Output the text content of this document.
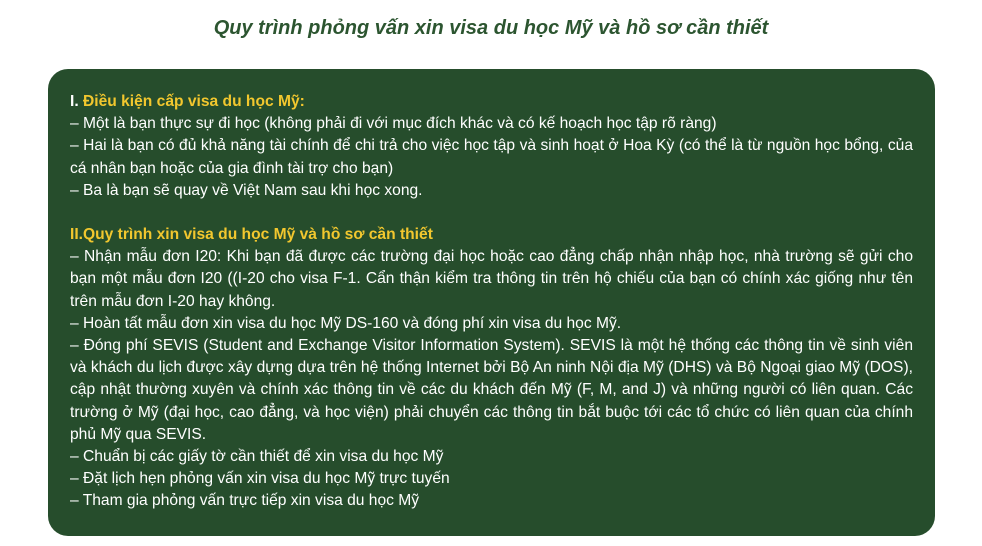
Quy trình phỏng vấn xin visa du học Mỹ và hồ sơ cần thiết

I. Điều kiện cấp visa du học Mỹ:

– Một là bạn thực sự đi học (không phải đi với mục đích khác và có kế hoạch học tập rõ ràng)

– Hai là bạn có đủ khả năng tài chính để chi trả cho việc học tập và sinh hoạt ở Hoa Kỳ (có thể là từ nguồn học bổng, của cá nhân bạn hoặc của gia đình tài trợ cho bạn)

– Ba là bạn sẽ quay về Việt Nam sau khi học xong.

II.Quy trình xin visa du học Mỹ và hồ sơ cần thiết

– Nhận mẫu đơn I20: Khi bạn đã được các trường đại học hoặc cao đẳng chấp nhận nhập học, nhà trường sẽ gửi cho bạn một mẫu đơn I20 ((I-20 cho visa F-1. Cẩn thận kiểm tra thông tin trên hộ chiếu của bạn có chính xác giống như tên trên mẫu đơn I-20 hay không.

– Hoàn tất mẫu đơn xin visa du học Mỹ DS-160 và đóng phí xin visa du học Mỹ.

– Đóng phí SEVIS (Student and Exchange Visitor Information System). SEVIS là một hệ thống các thông tin về sinh viên và khách du lịch được xây dựng dựa trên hệ thống Internet bởi Bộ An ninh Nội địa Mỹ (DHS) và Bộ Ngoại giao Mỹ (DOS), cập nhật thường xuyên và chính xác thông tin về các du khách đến Mỹ (F, M, and J) và những người có liên quan. Các trường ở Mỹ (đại học, cao đẳng, và học viện) phải chuyển các thông tin bắt buộc tới các tổ chức có liên quan của chính phủ Mỹ qua SEVIS.

– Chuẩn bị các giấy tờ cần thiết để xin visa du học Mỹ

– Đặt lịch hẹn phỏng vấn xin visa du học Mỹ trực tuyến

– Tham gia phỏng vấn trực tiếp xin visa du học Mỹ
